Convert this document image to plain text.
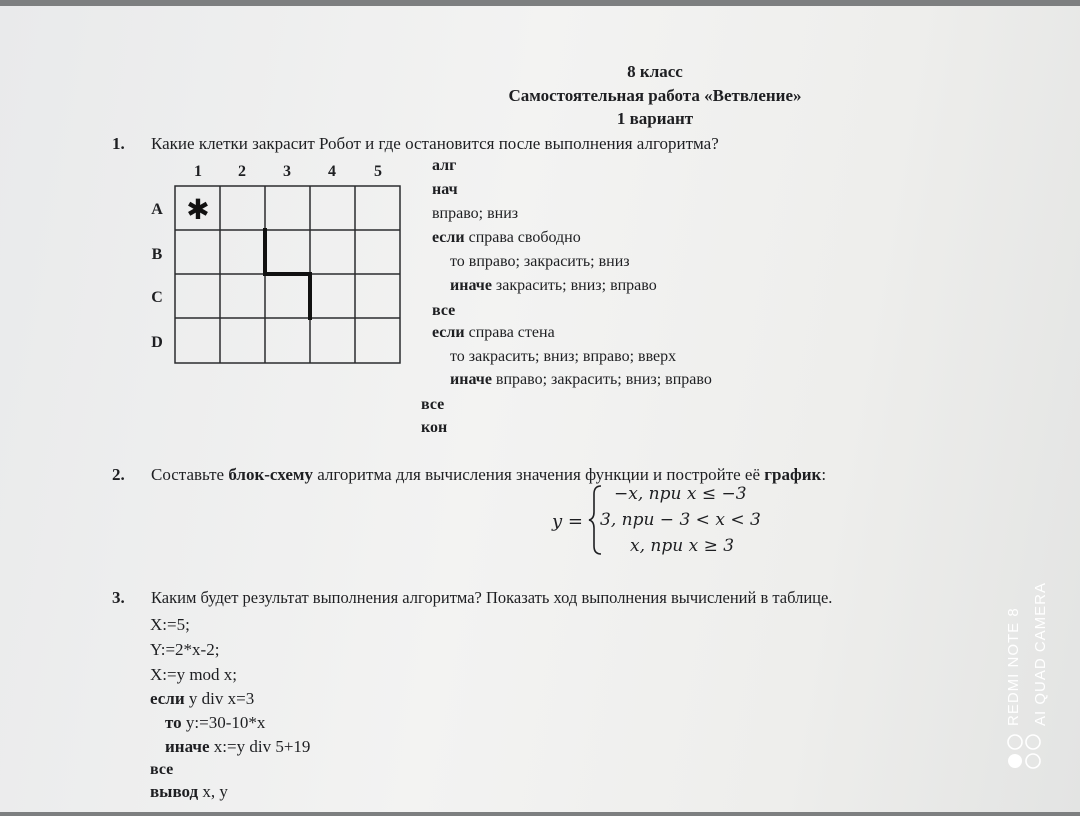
8 класс
Самостоятельная работа «Ветвление»
1 вариант
1. Какие клетки закрасит Робот и где остановится после выполнения алгоритма?
1 2 3 4 5
A
B
C
D
✱
алг
нач
вправо; вниз
если справа свободно
то вправо; закрасить; вниз
иначе закрасить; вниз; вправо
все
если справа стена
то закрасить; вниз; вправо; вверх
иначе вправо; закрасить; вниз; вправо
все
кон
2. Составьте блок-схему алгоритма для вычисления значения функции и постройте её график:
y =
−x, при x ≤ −3
3, при − 3 < x < 3
x, при x ≥ 3
3. Каким будет результат выполнения алгоритма? Показать ход выполнения вычислений в таблице.
X:=5;
Y:=2*x-2;
X:=y mod x;
если y div x=3
то y:=30-10*x
иначе x:=y div 5+19
все
вывод x, y
REDMI NOTE 8 AI QUAD CAMERA
